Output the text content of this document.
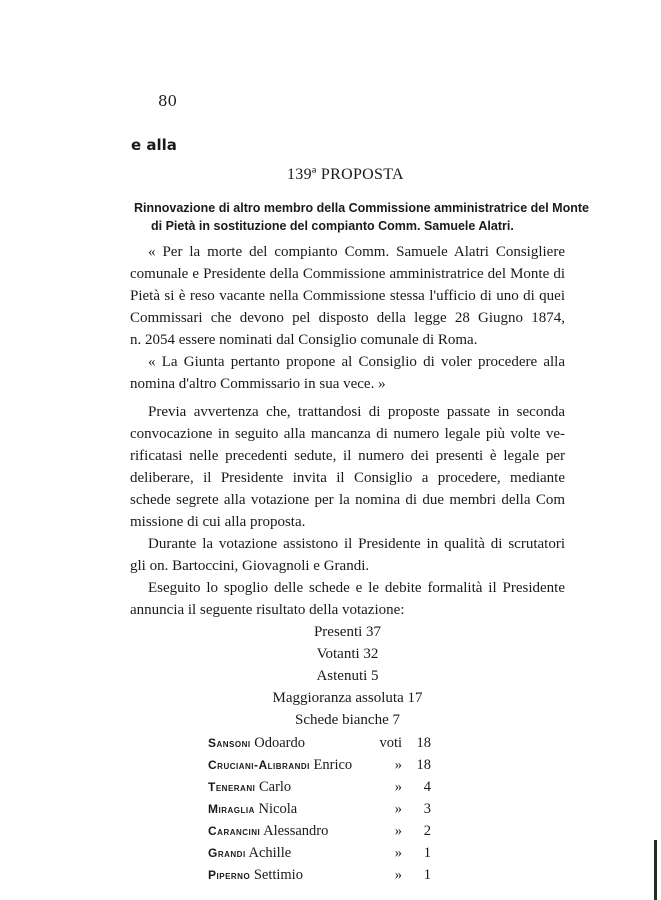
80
e alla
139ª PROPOSTA
Rinnovazione di altro membro della Commissione amministratrice del Monte
di Pietà in sostituzione del compianto Comm. Samuele Alatri.
« Per la morte del compianto Comm. Samuele Alatri Consigliere
comunale e Presidente della Commissione amministratrice del Monte di
Pietà si è reso vacante nella Commissione stessa l'ufficio di uno di quei
Commissari che devono pel disposto della legge 28 Giugno 1874,
n. 2054 essere nominati dal Consiglio comunale di Roma.
« La Giunta pertanto propone al Consiglio di voler procedere alla
nomina d'altro Commissario in sua vece. »
Previa avvertenza che, trattandosi di proposte passate in seconda
convocazione in seguito alla mancanza di numero legale più volte ve-
rificatasi nelle precedenti sedute, il numero dei presenti è legale per
deliberare, il Presidente invita il Consiglio a procedere, mediante
schede segrete alla votazione per la nomina di due membri della Com
missione di cui alla proposta.
Durante la votazione assistono il Presidente in qualità di scrutatori
gli on. Bartoccini, Giovagnoli e Grandi.
Eseguito lo spoglio delle schede e le debite formalità il Presidente
annuncia il seguente risultato della votazione:
Presenti 37
Votanti 32
Astenuti 5
Maggioranza assoluta 17
Schede bianche 7
Sansoni Odoardo	voti	18
Cruciani-Alibrandi Enrico	»	18
Tenerani Carlo	»	4
Miraglia Nicola	»	3
Carancini Alessandro	»	2
Grandi Achille	»	1
Piperno Settimio	»	1
